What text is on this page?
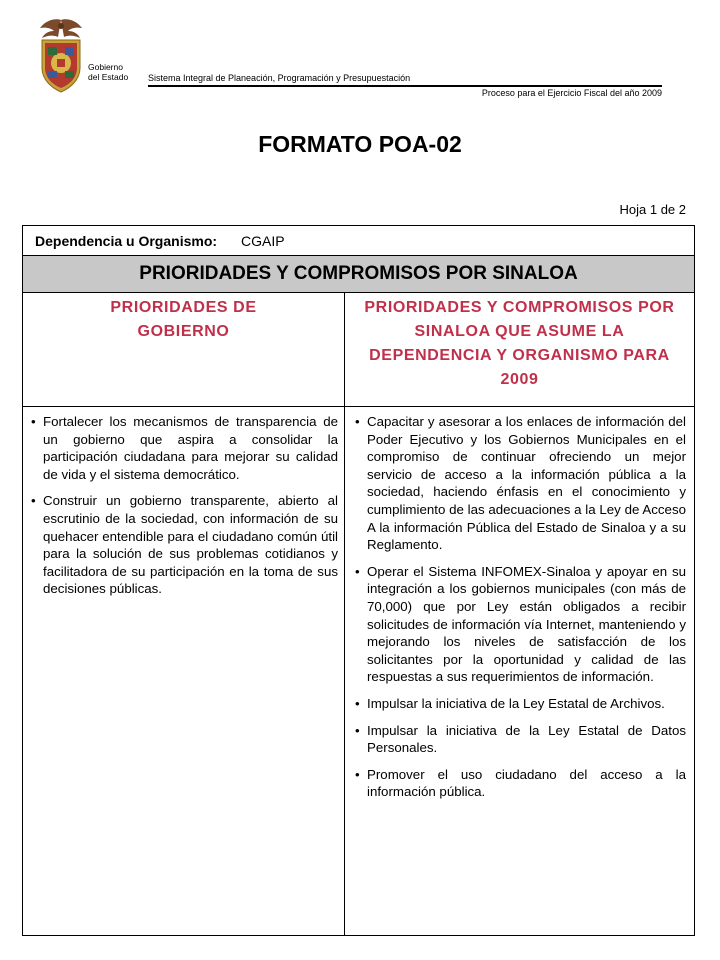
Gobierno
del Estado Sistema Integral de Planeación, Programación y Presupuestación
Proceso para el Ejercicio Fiscal del año 2009
FORMATO POA-02
Hoja 1 de 2
Dependencia u Organismo: CGAIP
PRIORIDADES Y COMPROMISOS POR SINALOA
PRIORIDADES DE GOBIERNO
PRIORIDADES Y COMPROMISOS POR SINALOA QUE ASUME LA DEPENDENCIA Y ORGANISMO PARA 2009
• Fortalecer los mecanismos de transparencia de un gobierno que aspira a consolidar la participación ciudadana para mejorar su calidad de vida y el sistema democrático.
• Construir un gobierno transparente, abierto al escrutinio de la sociedad, con información de su quehacer entendible para el ciudadano común útil para la solución de sus problemas cotidianos y facilitadora de su participación en la toma de sus decisiones públicas.
• Capacitar y asesorar a los enlaces de información del Poder Ejecutivo y los Gobiernos Municipales en el compromiso de continuar ofreciendo un mejor servicio de acceso a la información pública a la sociedad, haciendo énfasis en el conocimiento y cumplimiento de las adecuaciones a la Ley de Acceso A la información Pública del Estado de Sinaloa y a su Reglamento.
• Operar el Sistema INFOMEX-Sinaloa y apoyar en su integración a los gobiernos municipales (con más de 70,000) que por Ley están obligados a recibir solicitudes de información vía Internet, manteniendo y mejorando los niveles de satisfacción de los solicitantes por la oportunidad y calidad de las respuestas a sus requerimientos de información.
• Impulsar la iniciativa de la Ley Estatal de Archivos.
• Impulsar la iniciativa de la Ley Estatal de Datos Personales.
• Promover el uso ciudadano del acceso a la información pública.
